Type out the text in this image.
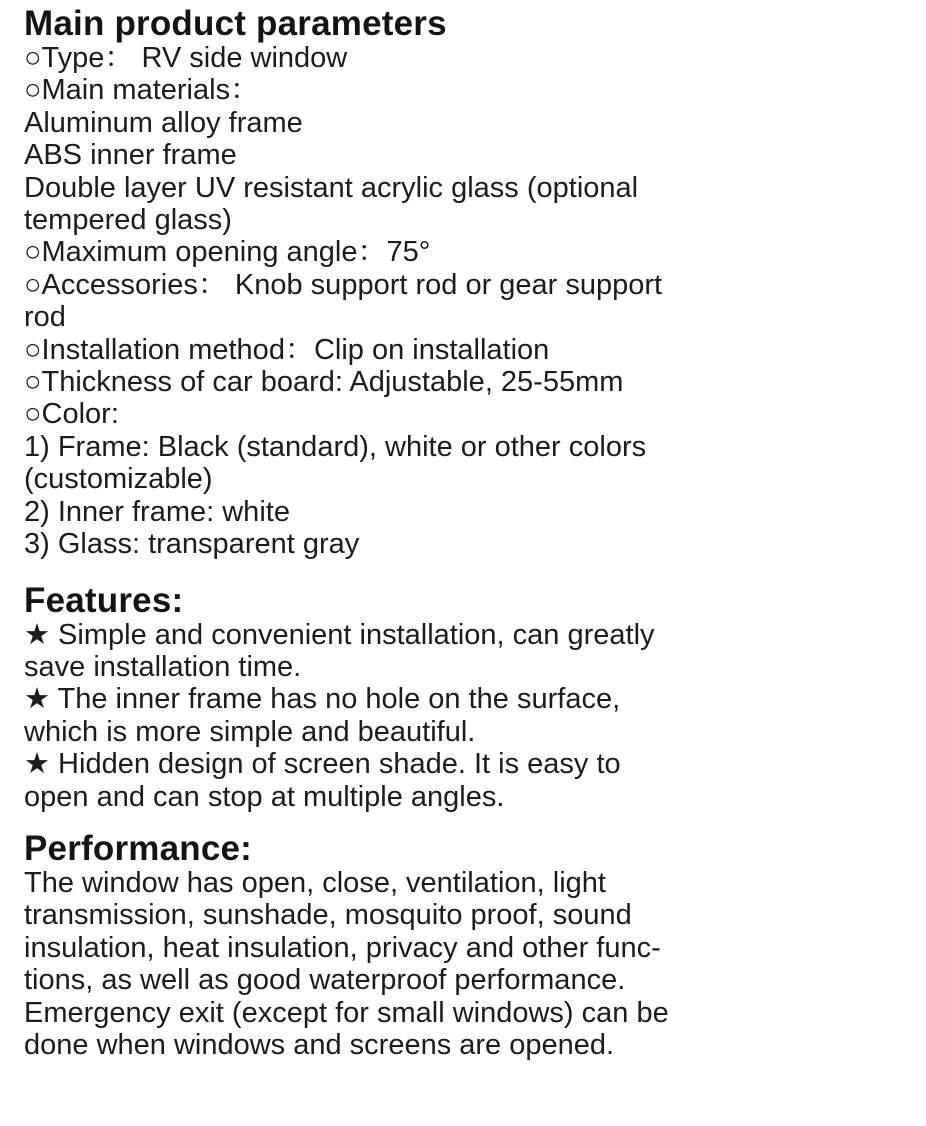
Main product parameters

○Type： RV side window

○Main materials：

Aluminum alloy frame

ABS inner frame

Double layer UV resistant acrylic glass (optional

tempered glass)

○Maximum opening angle：75°

○Accessories： Knob support rod or gear support

rod

○Installation method：Clip on installation

○Thickness of car board: Adjustable, 25-55mm

○Color:

1) Frame: Black (standard), white or other colors

(customizable)

2) Inner frame: white

3) Glass: transparent gray

Features:

★ Simple and convenient installation, can greatly

save installation time.

★ The inner frame has no hole on the surface,

which is more simple and beautiful.

★ Hidden design of screen shade. It is easy to

open and can stop at multiple angles.

Performance:

The window has open, close, ventilation, light

transmission, sunshade, mosquito proof, sound

insulation, heat insulation, privacy and other func-

tions, as well as good waterproof performance.

Emergency exit (except for small windows) can be

done when windows and screens are opened.
